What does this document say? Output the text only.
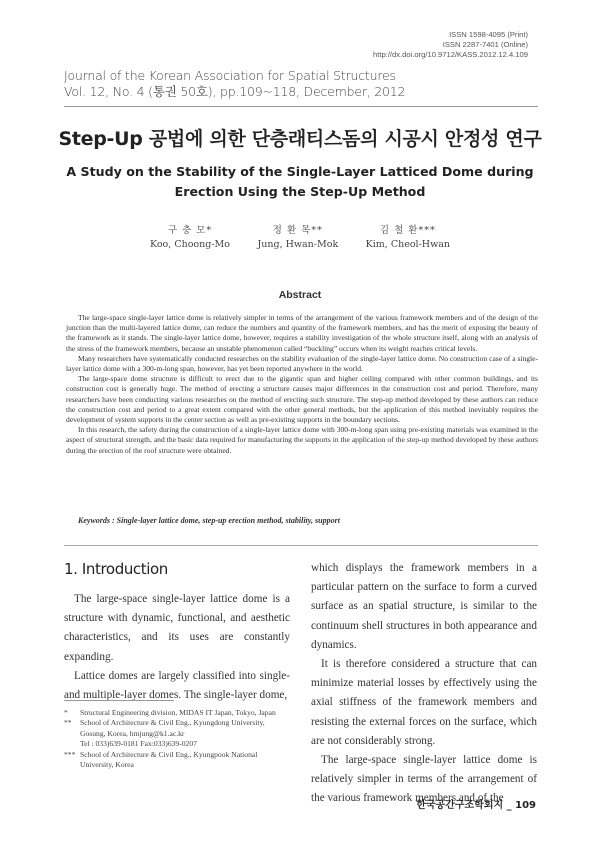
ISSN 1598-4095 (Print)
ISSN 2287-7401 (Online)
http://dx.doi.org/10.9712/KASS.2012.12.4.109
Journal of the Korean Association for Spatial Structures
Vol. 12, No. 4 (통권 50호), pp.109~118, December, 2012
Step-Up 공법에 의한 단층래티스돔의 시공시 안정성 연구
A Study on the Stability of the Single-Layer Latticed Dome during Erection Using the Step-Up Method
구 충 모*
Koo, Choong-Mo
정 환 목**
Jung, Hwan-Mok
김 철 환***
Kim, Cheol-Hwan
Abstract

The large-space single-layer lattice dome is relatively simpler in terms of the arrangement of the various framework members and of the design of the junction than the multi-layered lattice dome, can reduce the numbers and quantity of the framework members, and has the merit of exposing the beauty of the framework as it stands. The single-layer lattice dome, however, requires a stability investigation of the whole structure itself, along with an analysis of the stress of the framework members, because an unstable phenomenon called “buckling” occurs when its weight reaches critical levels.

Many researchers have systematically conducted researches on the stability evaluation of the single-layer lattice dome. No construction case of a single-layer lattice dome with a 300-m-long span, however, has yet been reported anywhere in the world.

The large-space dome structure is difficult to erect due to the gigantic span and higher ceiling compared with other common buildings, and its construction cost is generally huge. The method of erecting a structure causes major differences in the construction cost and period. Therefore, many researchers have been conducting various researches on the method of erecting such structure. The step-up method developed by these authors can reduce the construction cost and period to a great extent compared with the other general methods, but the application of this method inevitably requires the development of system supports in the center section as well as pre-existing supports in the boundary sections.

In this research, the safety during the construction of a single-layer lattice dome with 300-m-long span using pre-existing materials was examined in the aspect of structural strength, and the basic data required for manufacturing the supports in the application of the step-up method developed by these authors during the erection of the roof structure were obtained.

Keywords : Single-layer lattice dome, step-up erection method, stability, support
1. Introduction

The large-space single-layer lattice dome is a structure with dynamic, functional, and aesthetic characteristics, and its uses are constantly expanding.

Lattice domes are largely classified into single- and multiple-layer domes. The single-layer dome,

which displays the framework members in a particular pattern on the surface to form a curved surface as an spatial structure, is similar to the continuum shell structures in both appearance and dynamics.

It is therefore considered a structure that can minimize material losses by effectively using the axial stiffness of the framework members and resisting the external forces on the surface, which are not considerably strong.

The large-space single-layer lattice dome is relatively simpler in terms of the arrangement of the various framework members and of the

*	Structural Engineering division, MIDAS IT Japan, Tokyo, Japan
**	School of Architecture & Civil Eng., Kyungdong University, Gosung, Korea, hmjung@k1.ac.kr
Tel : 033)639-0181 Fax:033)639-0207
*** School of Architecture & Civil Eng., Kyungpook National University, Korea
한국공간구조학회지 _ 109
